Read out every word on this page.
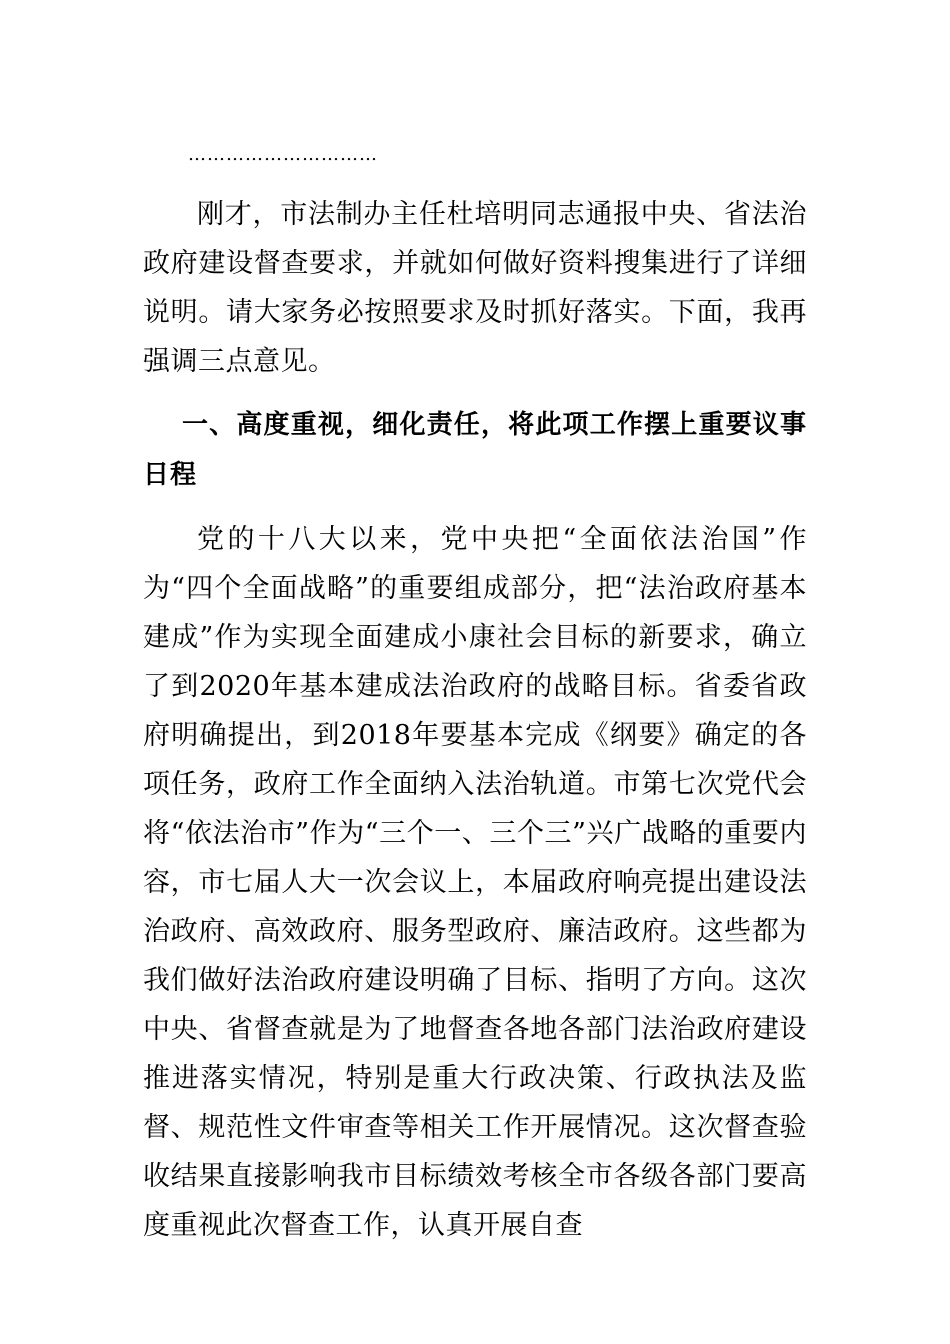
…………………………

刚才，市法制办主任杜培明同志通报中央、省法治政府建设督查要求，并就如何做好资料搜集进行了详细说明。请大家务必按照要求及时抓好落实。下面，我再强调三点意见。

一、高度重视，细化责任，将此项工作摆上重要议事日程

党的十八大以来，党中央把“全面依法治国”作为“四个全面战略”的重要组成部分，把“法治政府基本建成”作为实现全面建成小康社会目标的新要求，确立了到2020年基本建成法治政府的战略目标。省委省政府明确提出，到2018年要基本完成《纲要》确定的各项任务，政府工作全面纳入法治轨道。市第七次党代会将“依法治市”作为“三个一、三个三”兴广战略的重要内容，市七届人大一次会议上，本届政府响亮提出建设法治政府、高效政府、服务型政府、廉洁政府。这些都为我们做好法治政府建设明确了目标、指明了方向。这次中央、省督查就是为了地督查各地各部门法治政府建设推进落实情况，特别是重大行政决策、行政执法及监督、规范性文件审查等相关工作开展情况。这次督查验收结果直接影响我市目标绩效考核全市各级各部门要高度重视此次督查工作，认真开展自查
